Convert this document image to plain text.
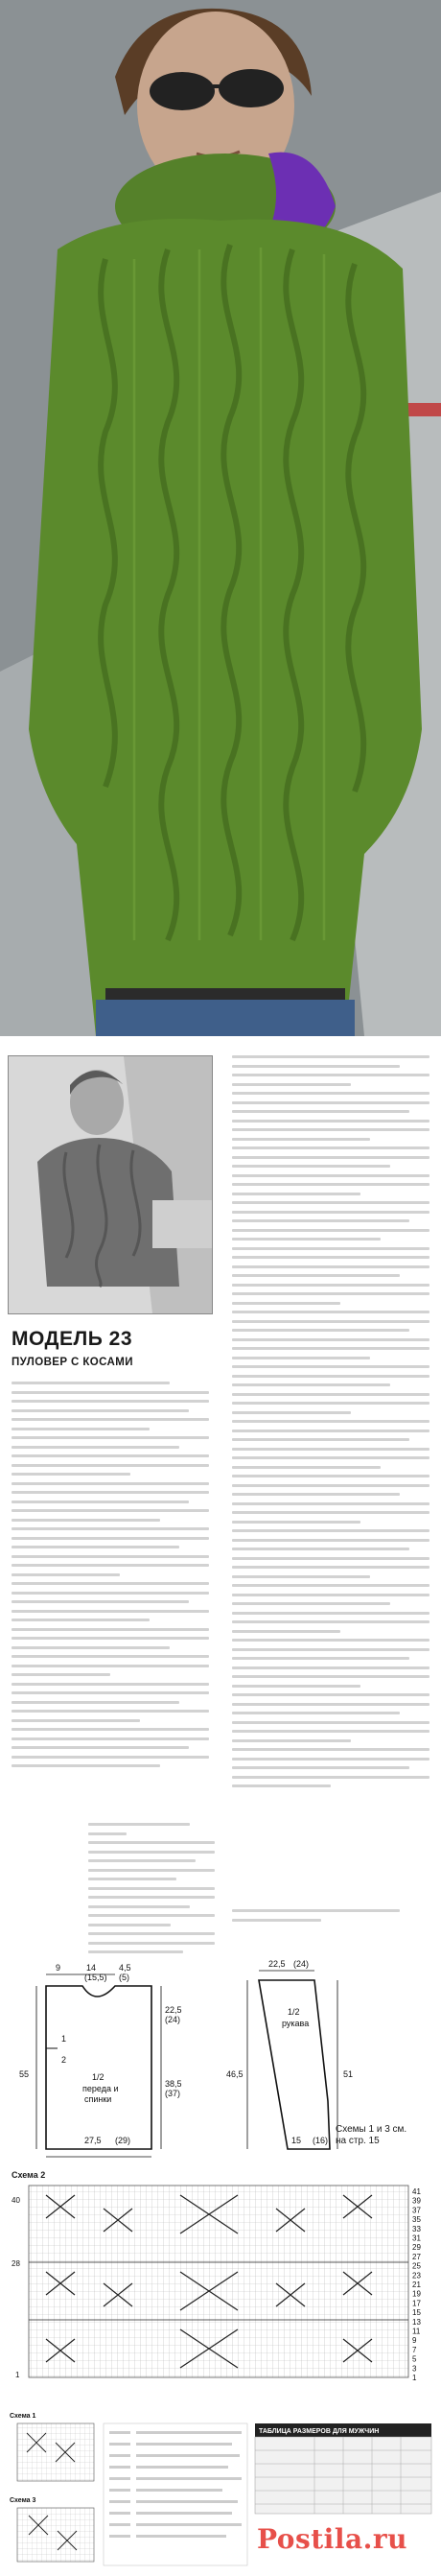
МОДЕЛЬ 23
ПУЛОВЕР С КОСАМИ
9	14
(15,5)
4,5
(5)
22,5
(24)
1
2
55
38,5
(37)
1/2
переда и
спинки
27,5 (29)
22,5 (24)
1/2
рукава
46,5	51
15 (16)
Схемы 1 и 3 см.
на стр. 15
Схема 2
40
28
1
41
39
37
35
33
31
29
27
25
23
21
19
17
15
13
11
9
7
5
3
1
Схема 1
Схема 3
ТАБЛИЦА РАЗМЕРОВ ДЛЯ МУЖЧИН
Postila.ru
